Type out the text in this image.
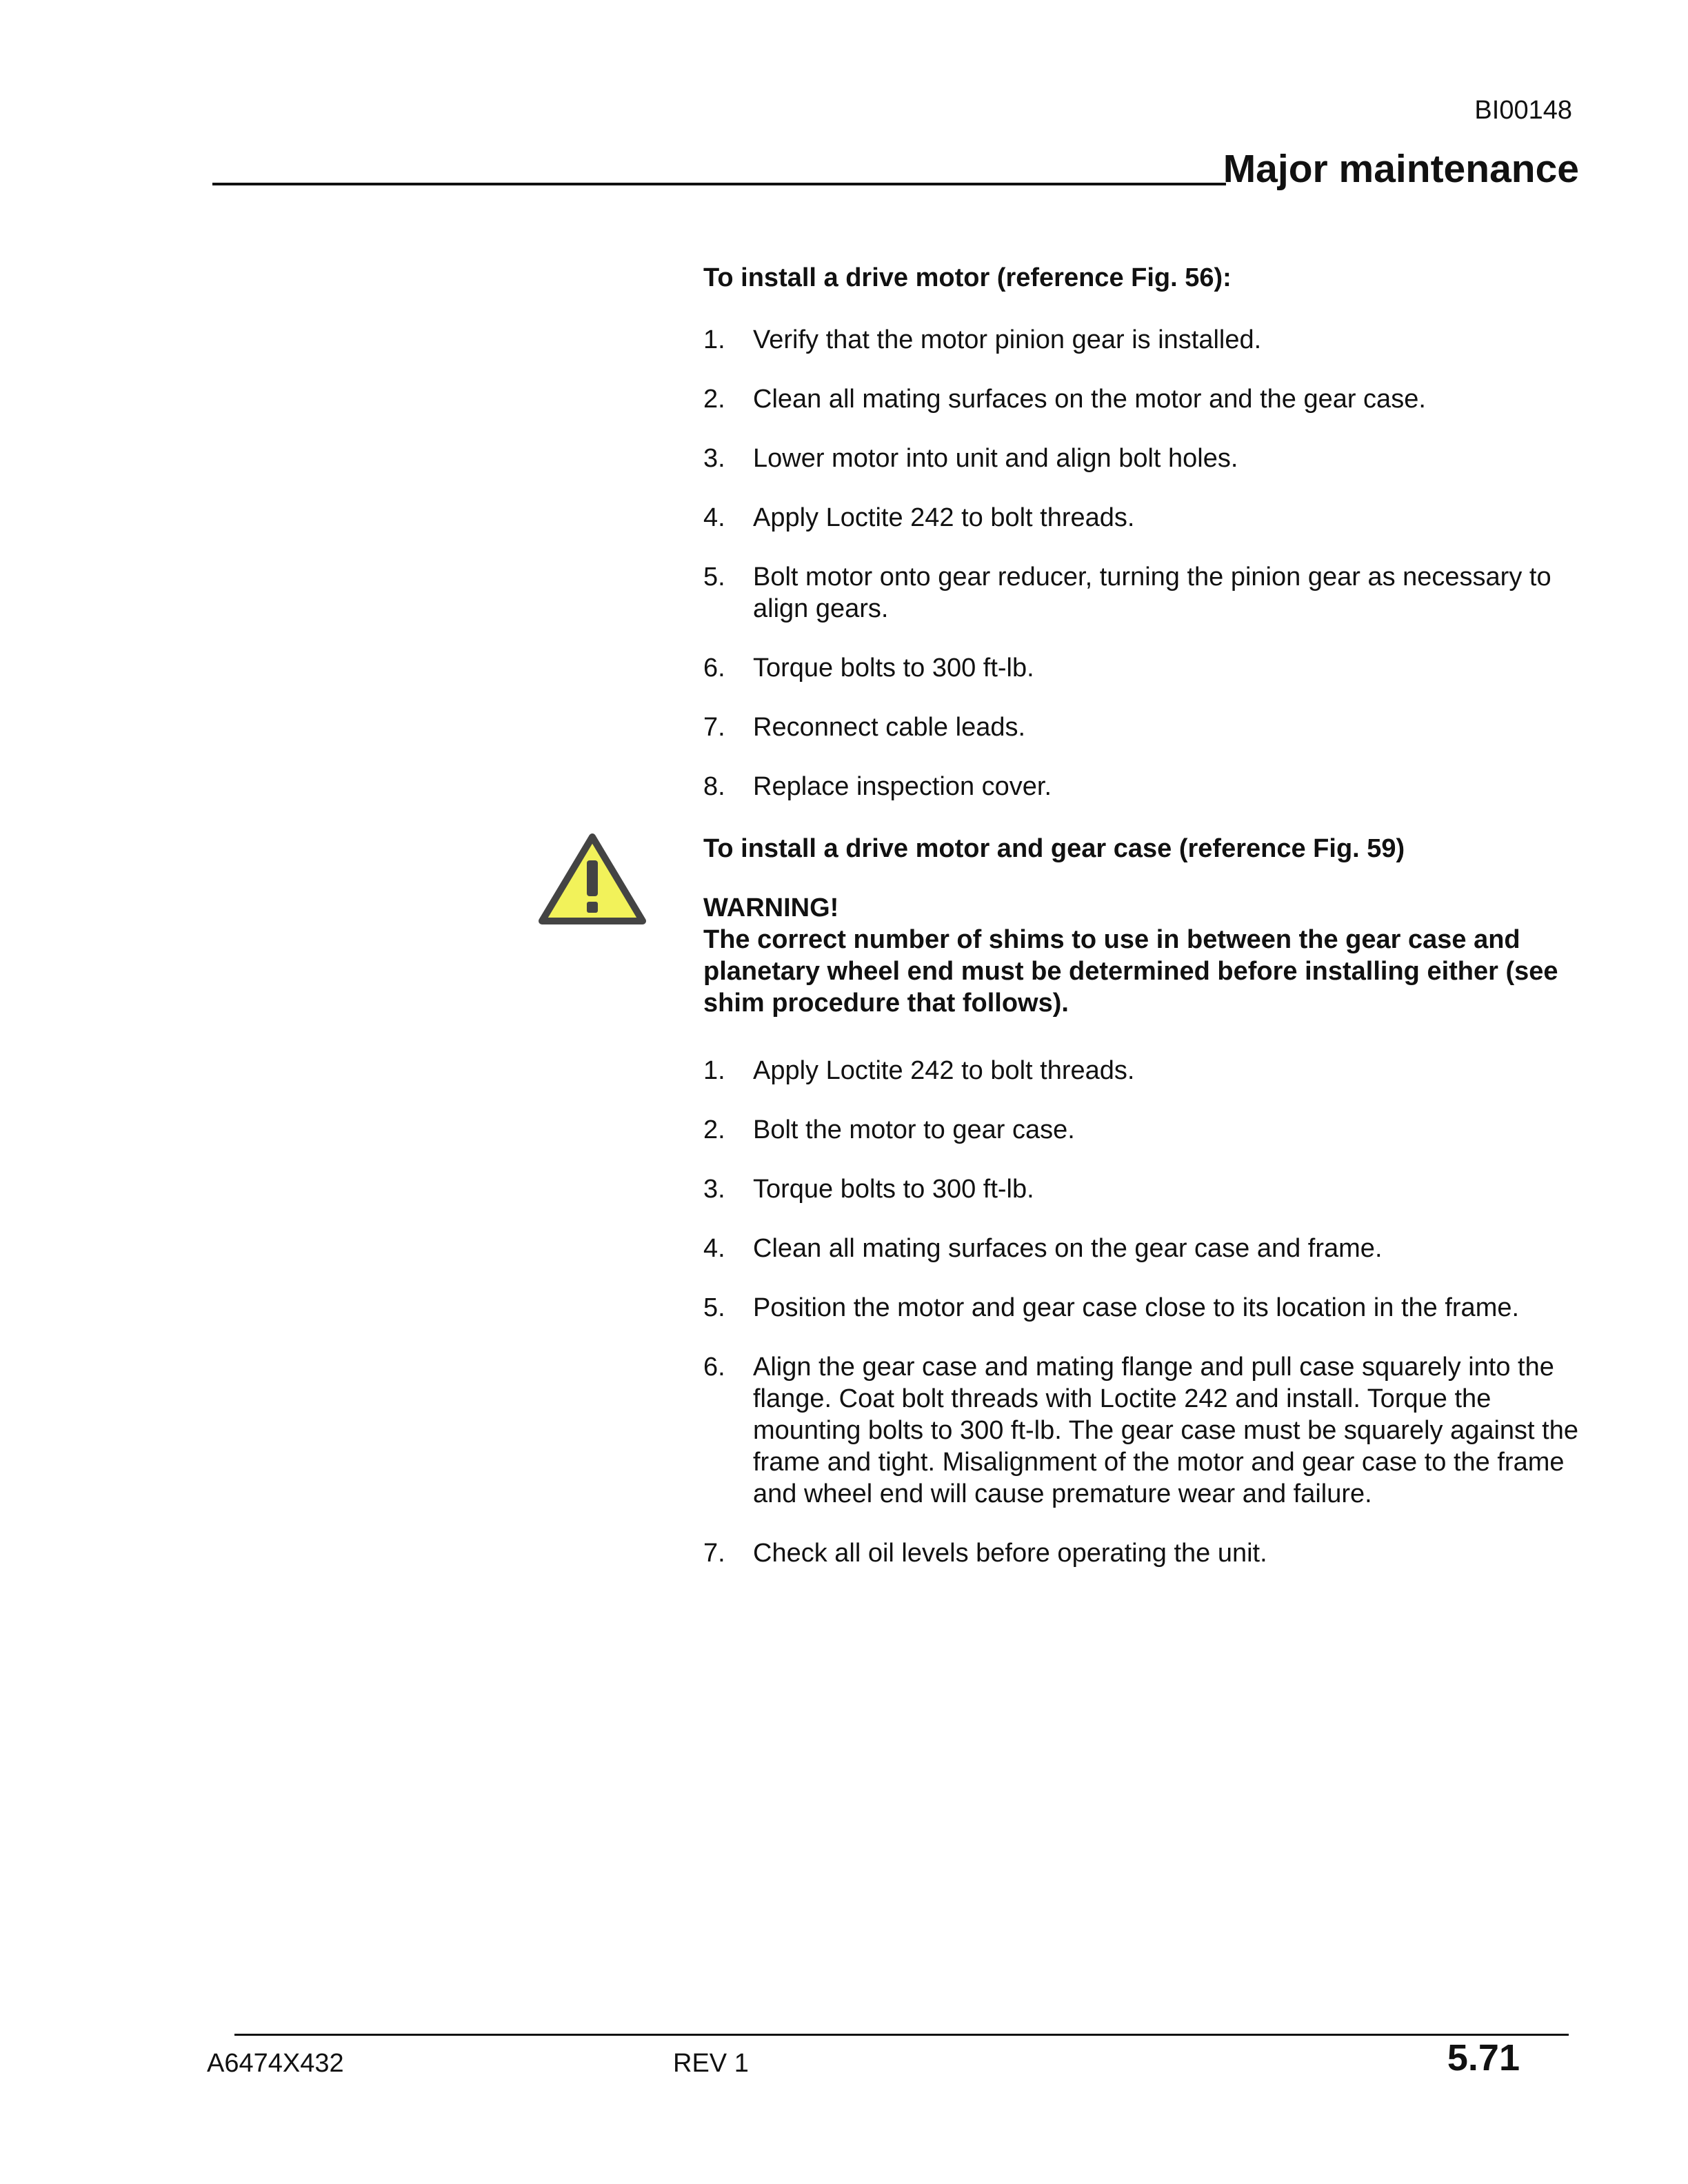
BI00148
Major maintenance

To install a drive motor (reference Fig. 56):

1. Verify that the motor pinion gear is installed.
2. Clean all mating surfaces on the motor and the gear case.
3. Lower motor into unit and align bolt holes.
4. Apply Loctite 242 to bolt threads.
5. Bolt motor onto gear reducer, turning the pinion gear as necessary to align gears.
6. Torque bolts to 300 ft-lb.
7. Reconnect cable leads.
8. Replace inspection cover.

To install a drive motor and gear case (reference Fig. 59)

WARNING!

The correct number of shims to use in between the gear case and planetary wheel end must be determined before installing either (see shim procedure that follows).

1. Apply Loctite 242 to bolt threads.
2. Bolt the motor to gear case.
3. Torque bolts to 300 ft-lb.
4. Clean all mating surfaces on the gear case and frame.
5. Position the motor and gear case close to its location in the frame.
6. Align the gear case and mating flange and pull case squarely into the flange. Coat bolt threads with Loctite 242 and install. Torque the mounting bolts to 300 ft-lb. The gear case must be squarely against the frame and tight. Misalignment of the motor and gear case to the frame and wheel end will cause premature wear and failure.
7. Check all oil levels before operating the unit.
A6474X432	REV 1	5.71
